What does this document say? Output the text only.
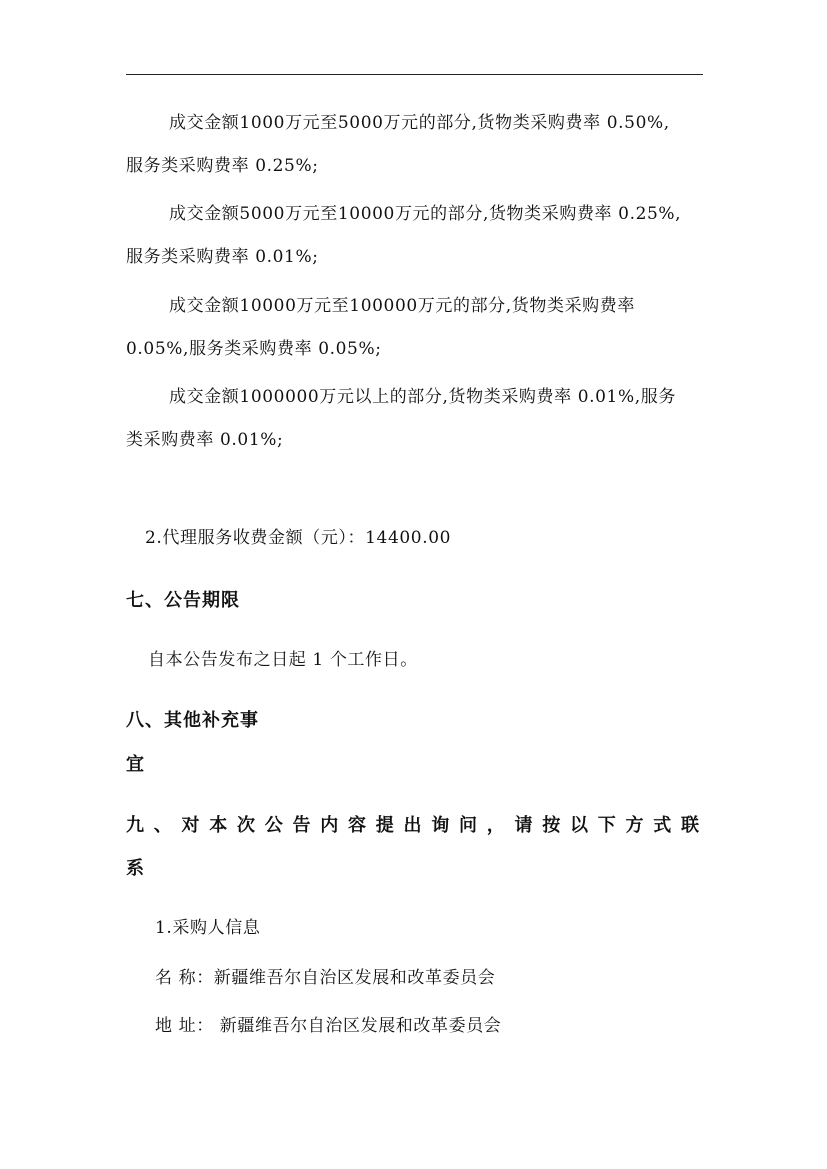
成交金额1000万元至5000万元的部分,货物类采购费率 0.50%,
服务类采购费率 0.25%;
成交金额5000万元至10000万元的部分,货物类采购费率 0.25%,
服务类采购费率 0.01%;
成交金额10000万元至100000万元的部分,货物类采购费率
0.05%,服务类采购费率 0.05%;
成交金额1000000万元以上的部分,货物类采购费率 0.01%,服务
类采购费率 0.01%;
2.代理服务收费金额（元）：14400.00
七、公告期限
自本公告发布之日起 1 个工作日。
八、其他补充事
宜
九、对本次公告内容提出询问，请按以下方式联
系
1.采购人信息
名 称：新疆维吾尔自治区发展和改革委员会
地 址： 新疆维吾尔自治区发展和改革委员会
